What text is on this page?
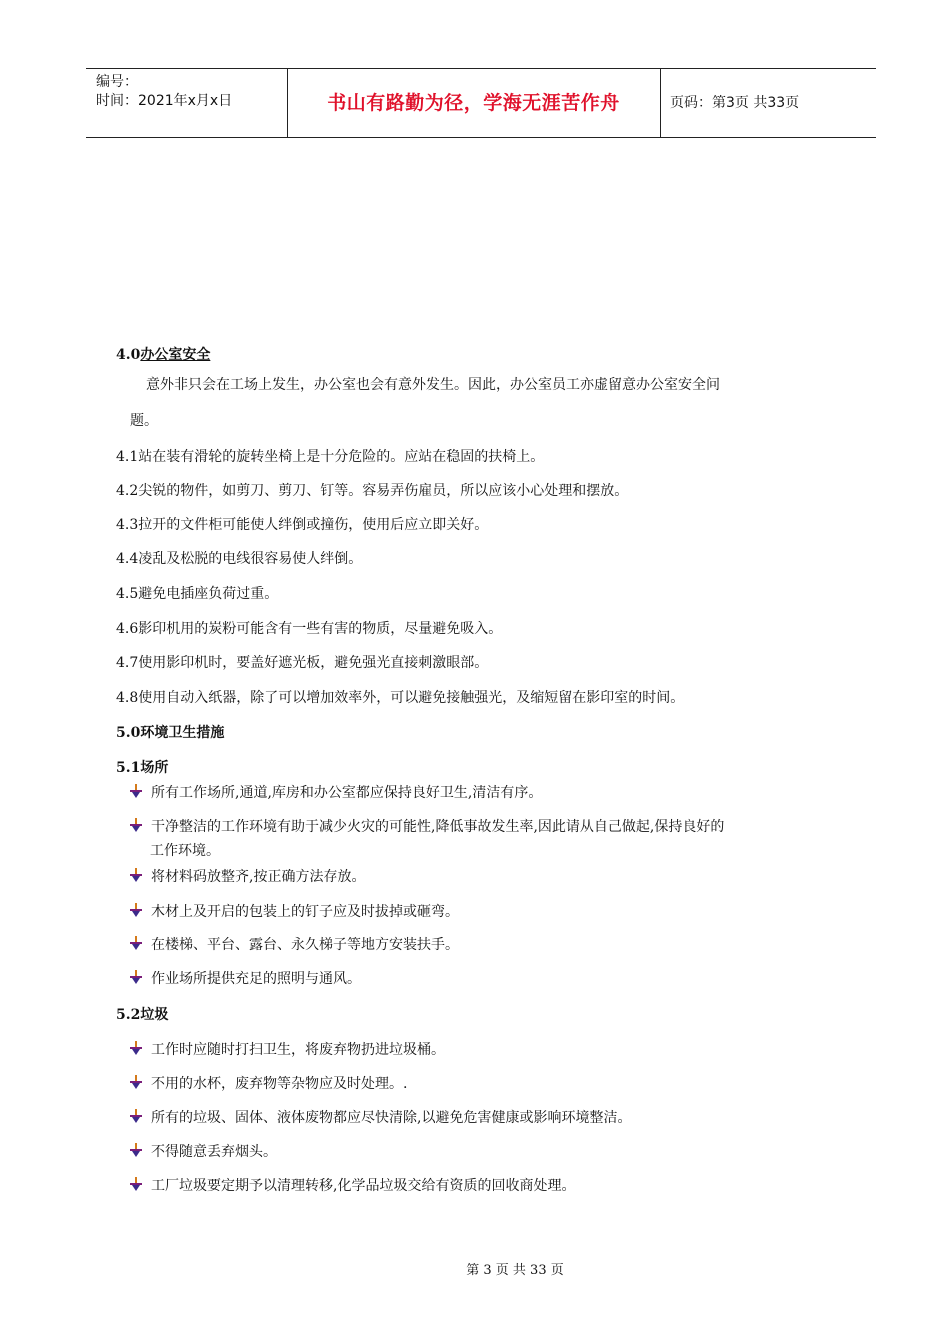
编号：
时间：2021年x月x日	书山有路勤为径，学海无涯苦作舟	页码：第3页 共33页
4.0办公室安全
意外非只会在工场上发生，办公室也会有意外发生。因此，办公室员工亦虚留意办公室安全问
题。
4.1站在装有滑轮的旋转坐椅上是十分危险的。应站在稳固的扶椅上。
4.2尖锐的物件，如剪刀、剪刀、钉等。容易弄伤雇员，所以应该小心处理和摆放。
4.3拉开的文件柜可能使人绊倒或撞伤，使用后应立即关好。
4.4凌乱及松脱的电线很容易使人绊倒。
4.5避免电插座负荷过重。
4.6影印机用的炭粉可能含有一些有害的物质，尽量避免吸入。
4.7使用影印机时，要盖好遮光板，避免强光直接刺激眼部。
4.8使用自动入纸器，除了可以增加效率外，可以避免接触强光，及缩短留在影印室的时间。
5.0环境卫生措施
5.1场所
所有工作场所,通道,库房和办公室都应保持良好卫生,清洁有序。
干净整洁的工作环境有助于减少火灾的可能性,降低事故发生率,因此请从自己做起,保持良好的
工作环境。
将材料码放整齐,按正确方法存放。
木材上及开启的包装上的钉子应及时拔掉或砸弯。
在楼梯、平台、露台、永久梯子等地方安装扶手。
作业场所提供充足的照明与通风。
5.2垃圾
工作时应随时打扫卫生，将废弃物扔进垃圾桶。
不用的水杯，废弃物等杂物应及时处理。.
所有的垃圾、固体、液体废物都应尽快清除,以避免危害健康或影响环境整洁。
不得随意丢弃烟头。
工厂垃圾要定期予以清理转移,化学品垃圾交给有资质的回收商处理。
第 3 页 共 33 页
